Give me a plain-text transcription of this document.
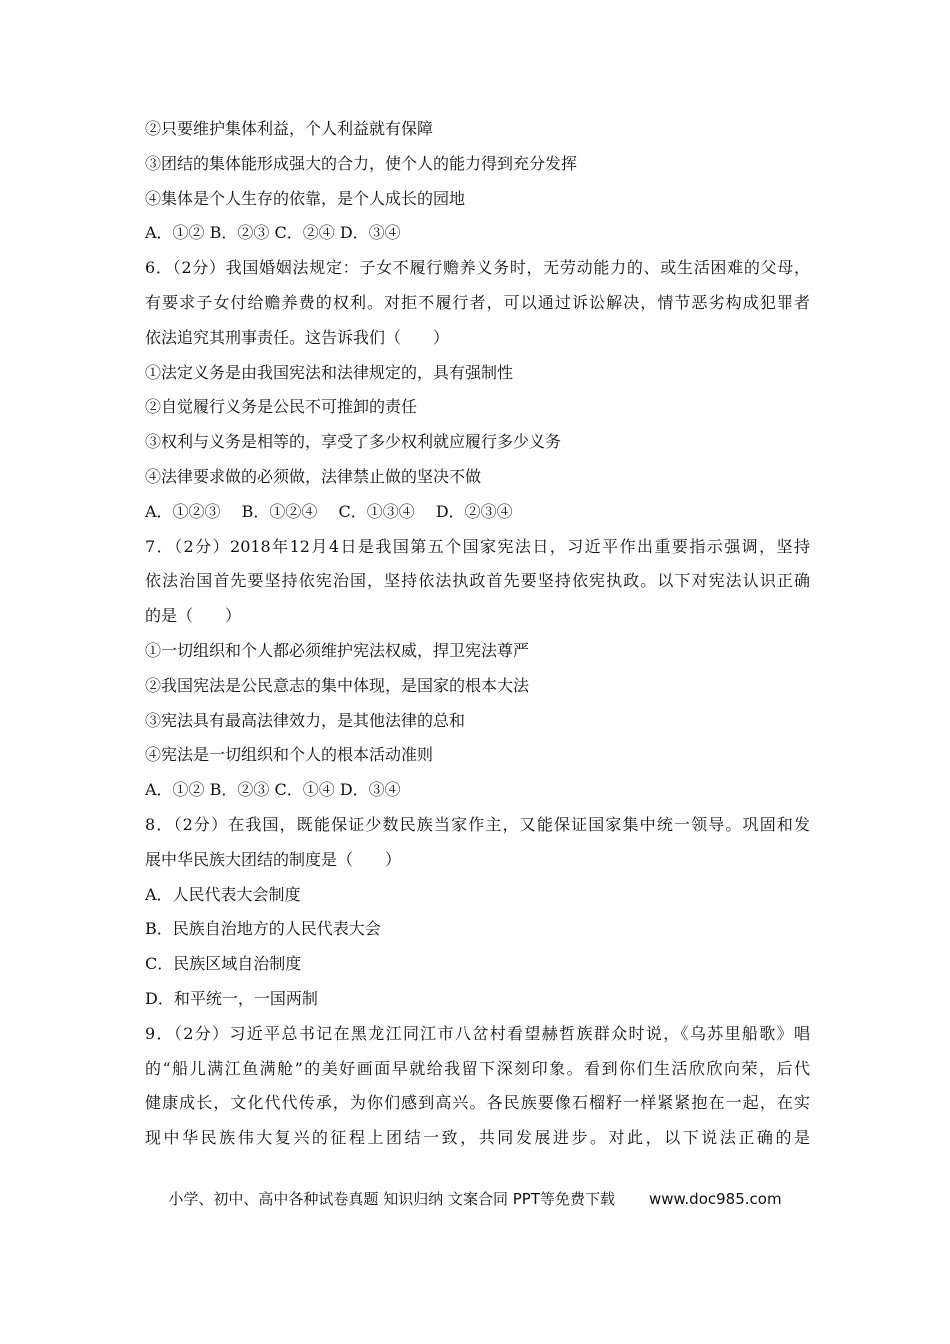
②只要维护集体利益，个人利益就有保障
③团结的集体能形成强大的合力，使个人的能力得到充分发挥
④集体是个人生存的依靠，是个人成长的园地
A．①② B．②③ C．②④ D．③④
6．（2分）我国婚姻法规定：子女不履行赡养义务时，无劳动能力的、或生活困难的父母，
有要求子女付给赡养费的权利。对拒不履行者，可以通过诉讼解决，情节恶劣构成犯罪者
依法追究其刑事责任。这告诉我们（　　）
①法定义务是由我国宪法和法律规定的，具有强制性
②自觉履行义务是公民不可推卸的责任
③权利与义务是相等的，享受了多少权利就应履行多少义务
④法律要求做的必须做，法律禁止做的坚决不做
A．①②③　 B．①②④　 C．①③④　 D．②③④
7．（2分）2018年12月4日是我国第五个国家宪法日，习近平作出重要指示强调，坚持
依法治国首先要坚持依宪治国，坚持依法执政首先要坚持依宪执政。以下对宪法认识正确
的是（　　）
①一切组织和个人都必须维护宪法权威，捍卫宪法尊严
②我国宪法是公民意志的集中体现，是国家的根本大法
③宪法具有最高法律效力，是其他法律的总和
④宪法是一切组织和个人的根本活动准则
A．①② B．②③ C．①④ D．③④
8．（2分）在我国，既能保证少数民族当家作主，又能保证国家集中统一领导。巩固和发
展中华民族大团结的制度是（　　）
A．人民代表大会制度
B．民族自治地方的人民代表大会
C．民族区域自治制度
D．和平统一，一国两制
9．（2分）习近平总书记在黑龙江同江市八岔村看望赫哲族群众时说，《乌苏里船歌》唱
的“船儿满江鱼满舱”的美好画面早就给我留下深刻印象。看到你们生活欣欣向荣，后代
健康成长，文化代代传承，为你们感到高兴。各民族要像石榴籽一样紧紧抱在一起，在实
现中华民族伟大复兴的征程上团结一致，共同发展进步。对此，以下说法正确的是
小学、初中、高中各种试卷真题 知识归纳 文案合同 PPT等免费下载 www.doc985.com
